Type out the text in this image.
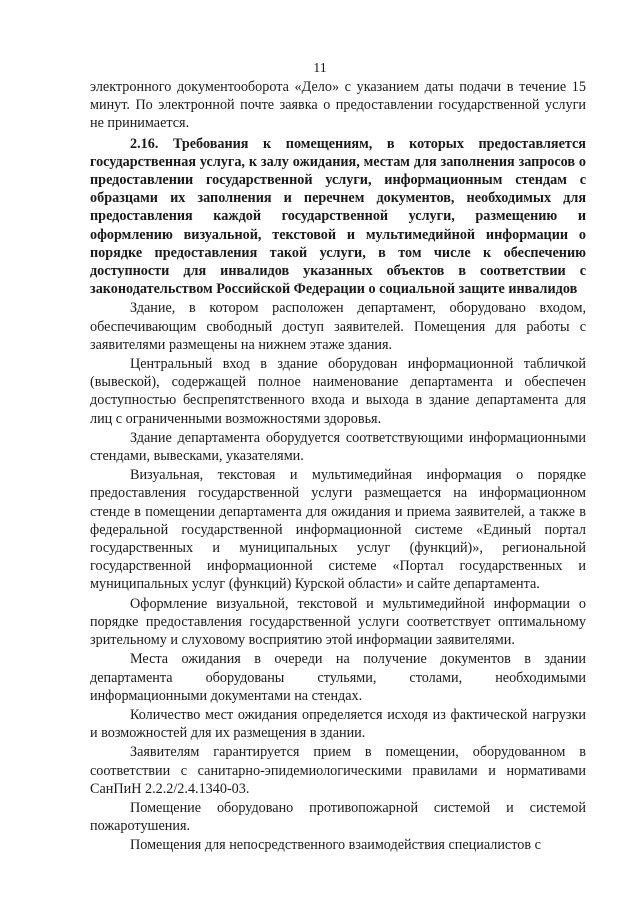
11

электронного документооборота «Дело» с указанием даты подачи в течение 15 минут. По электронной почте заявка о предоставлении государственной услуги не принимается.

2.16. Требования к помещениям, в которых предоставляется государственная услуга, к залу ожидания, местам для заполнения запросов о предоставлении государственной услуги, информационным стендам с образцами их заполнения и перечнем документов, необходимых для предоставления каждой государственной услуги, размещению и оформлению визуальной, текстовой и мультимедийной информации о порядке предоставления такой услуги, в том числе к обеспечению доступности для инвалидов указанных объектов в соответствии с законодательством Российской Федерации о социальной защите инвалидов

Здание, в котором расположен департамент, оборудовано входом, обеспечивающим свободный доступ заявителей. Помещения для работы с заявителями размещены на нижнем этаже здания.

Центральный вход в здание оборудован информационной табличкой (вывеской), содержащей полное наименование департамента и обеспечен доступностью беспрепятственного входа и выхода в здание департамента для лиц с ограниченными возможностями здоровья.

Здание департамента оборудуется соответствующими информационными стендами, вывесками, указателями.

Визуальная, текстовая и мультимедийная информация о порядке предоставления государственной услуги размещается на информационном стенде в помещении департамента для ожидания и приема заявителей, а также в федеральной государственной информационной системе «Единый портал государственных и муниципальных услуг (функций)», региональной государственной информационной системе «Портал государственных и муниципальных услуг (функций) Курской области» и сайте департамента.

Оформление визуальной, текстовой и мультимедийной информации о порядке предоставления государственной услуги соответствует оптимальному зрительному и слуховому восприятию этой информации заявителями.

Места ожидания в очереди на получение документов в здании департамента оборудованы стульями, столами, необходимыми информационными документами на стендах.

Количество мест ожидания определяется исходя из фактической нагрузки и возможностей для их размещения в здании.

Заявителям гарантируется прием в помещении, оборудованном в соответствии с санитарно-эпидемиологическими правилами и нормативами СанПиН 2.2.2/2.4.1340-03.

Помещение оборудовано противопожарной системой и системой пожаротушения.

Помещения для непосредственного взаимодействия специалистов с
